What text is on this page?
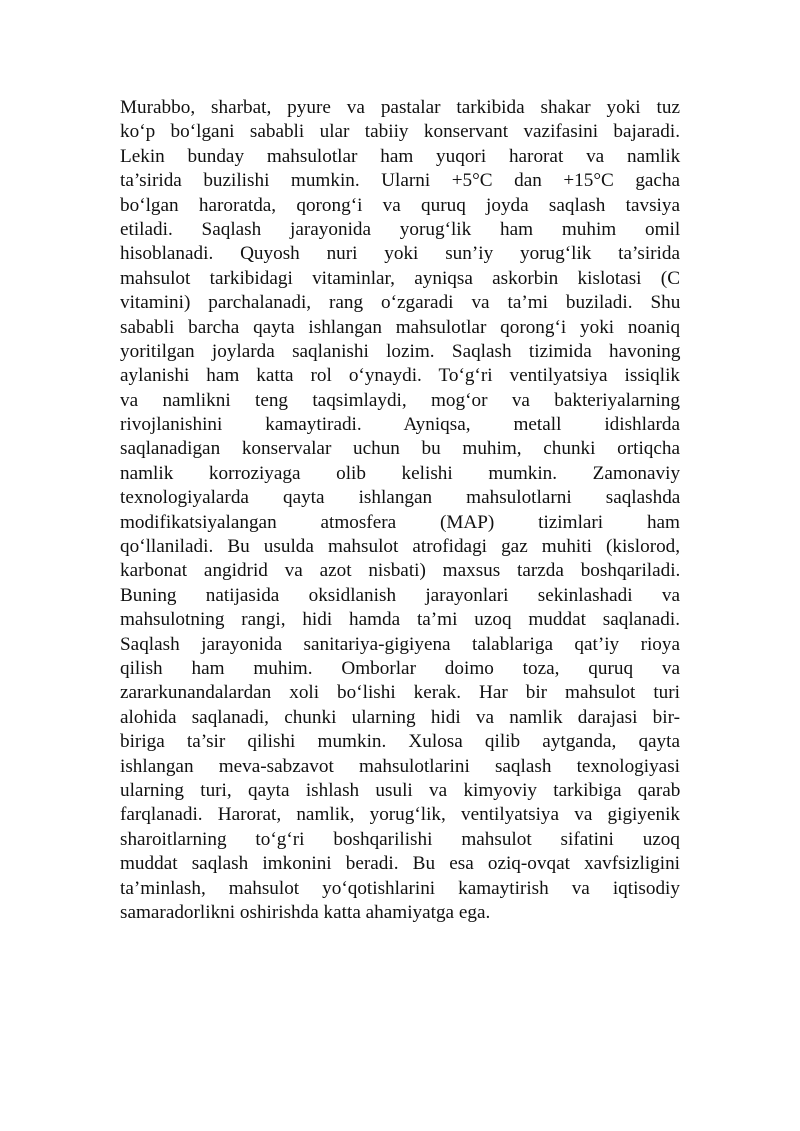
Murabbo, sharbat, pyure va pastalar tarkibida shakar yoki tuz
ko‘p bo‘lgani sababli ular tabiiy konservant vazifasini bajaradi.
Lekin bunday mahsulotlar ham yuqori harorat va namlik
ta’sirida buzilishi mumkin. Ularni +5°C dan +15°C gacha
bo‘lgan haroratda, qorong‘i va quruq joyda saqlash tavsiya
etiladi. Saqlash jarayonida yorug‘lik ham muhim omil
hisoblanadi. Quyosh nuri yoki sun’iy yorug‘lik ta’sirida
mahsulot tarkibidagi vitaminlar, ayniqsa askorbin kislotasi (C
vitamini) parchalanadi, rang o‘zgaradi va ta’mi buziladi. Shu
sababli barcha qayta ishlangan mahsulotlar qorong‘i yoki noaniq
yoritilgan joylarda saqlanishi lozim. Saqlash tizimida havoning
aylanishi ham katta rol o‘ynaydi. To‘g‘ri ventilyatsiya issiqlik
va namlikni teng taqsimlaydi, mog‘or va bakteriyalarning
rivojlanishini kamaytiradi. Ayniqsa, metall idishlarda
saqlanadigan konservalar uchun bu muhim, chunki ortiqcha
namlik korroziyaga olib kelishi mumkin. Zamonaviy
texnologiyalarda qayta ishlangan mahsulotlarni saqlashda
modifikatsiyalangan atmosfera (MAP) tizimlari ham
qo‘llaniladi. Bu usulda mahsulot atrofidagi gaz muhiti (kislorod,
karbonat angidrid va azot nisbati) maxsus tarzda boshqariladi.
Buning natijasida oksidlanish jarayonlari sekinlashadi va
mahsulotning rangi, hidi hamda ta’mi uzoq muddat saqlanadi.
Saqlash jarayonida sanitariya-gigiyena talablariga qat’iy rioya
qilish ham muhim. Omborlar doimo toza, quruq va
zararkunandalardan xoli bo‘lishi kerak. Har bir mahsulot turi
alohida saqlanadi, chunki ularning hidi va namlik darajasi bir-
biriga ta’sir qilishi mumkin. Xulosa qilib aytganda, qayta
ishlangan meva-sabzavot mahsulotlarini saqlash texnologiyasi
ularning turi, qayta ishlash usuli va kimyoviy tarkibiga qarab
farqlanadi. Harorat, namlik, yorug‘lik, ventilyatsiya va gigiyenik
sharoitlarning to‘g‘ri boshqarilishi mahsulot sifatini uzoq
muddat saqlash imkonini beradi. Bu esa oziq-ovqat xavfsizligini
ta’minlash, mahsulot yo‘qotishlarini kamaytirish va iqtisodiy
samaradorlikni oshirishda katta ahamiyatga ega.
